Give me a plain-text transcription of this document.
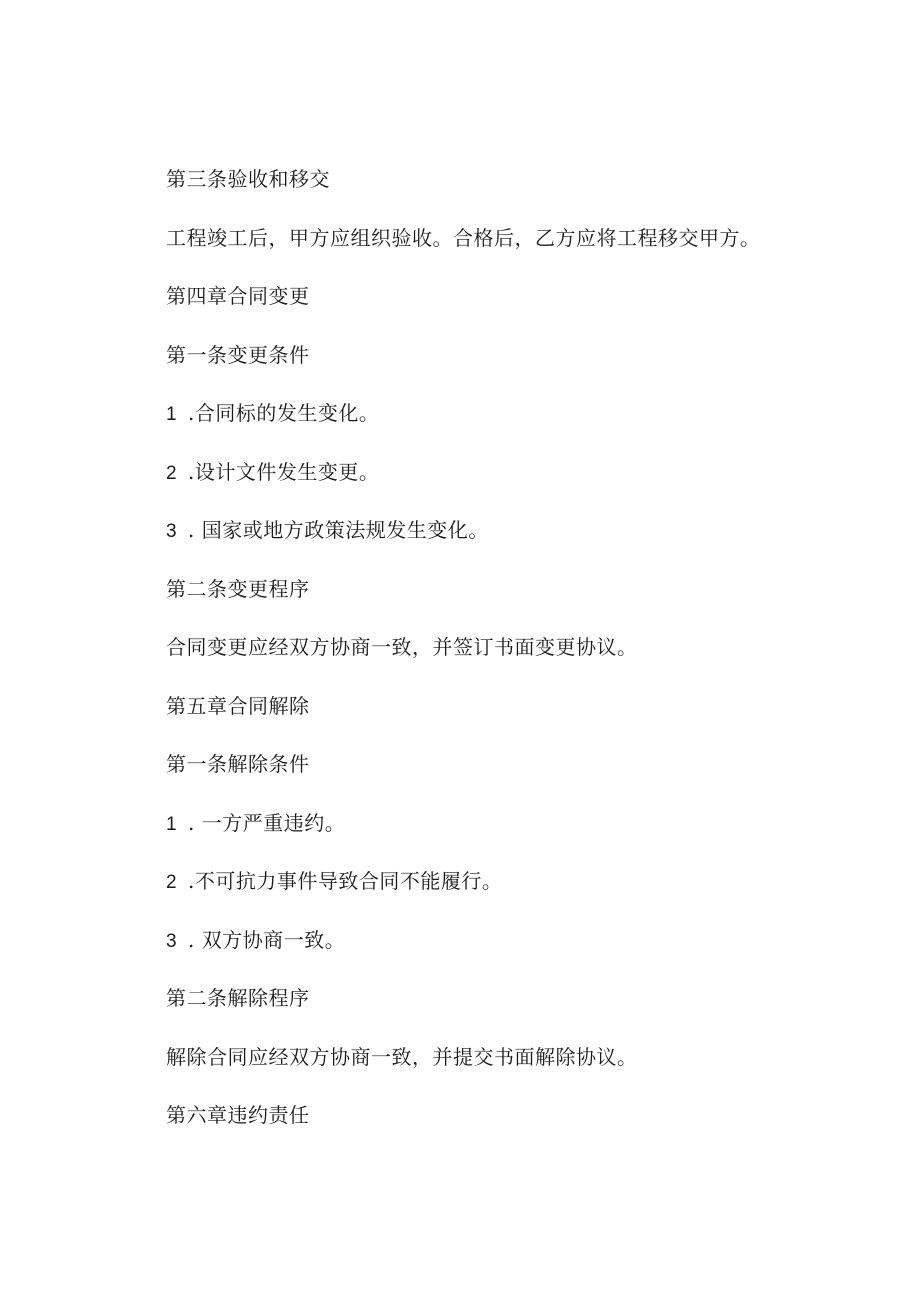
第三条验收和移交
工程竣工后，甲方应组织验收。合格后，乙方应将工程移交甲方。
第四章合同变更
第一条变更条件
1 .合同标的发生变化。
2 .设计文件发生变更。
3 . 国家或地方政策法规发生变化。
第二条变更程序
合同变更应经双方协商一致，并签订书面变更协议。
第五章合同解除
第一条解除条件
1 . 一方严重违约。
2 .不可抗力事件导致合同不能履行。
3 . 双方协商一致。
第二条解除程序
解除合同应经双方协商一致，并提交书面解除协议。
第六章违约责任
